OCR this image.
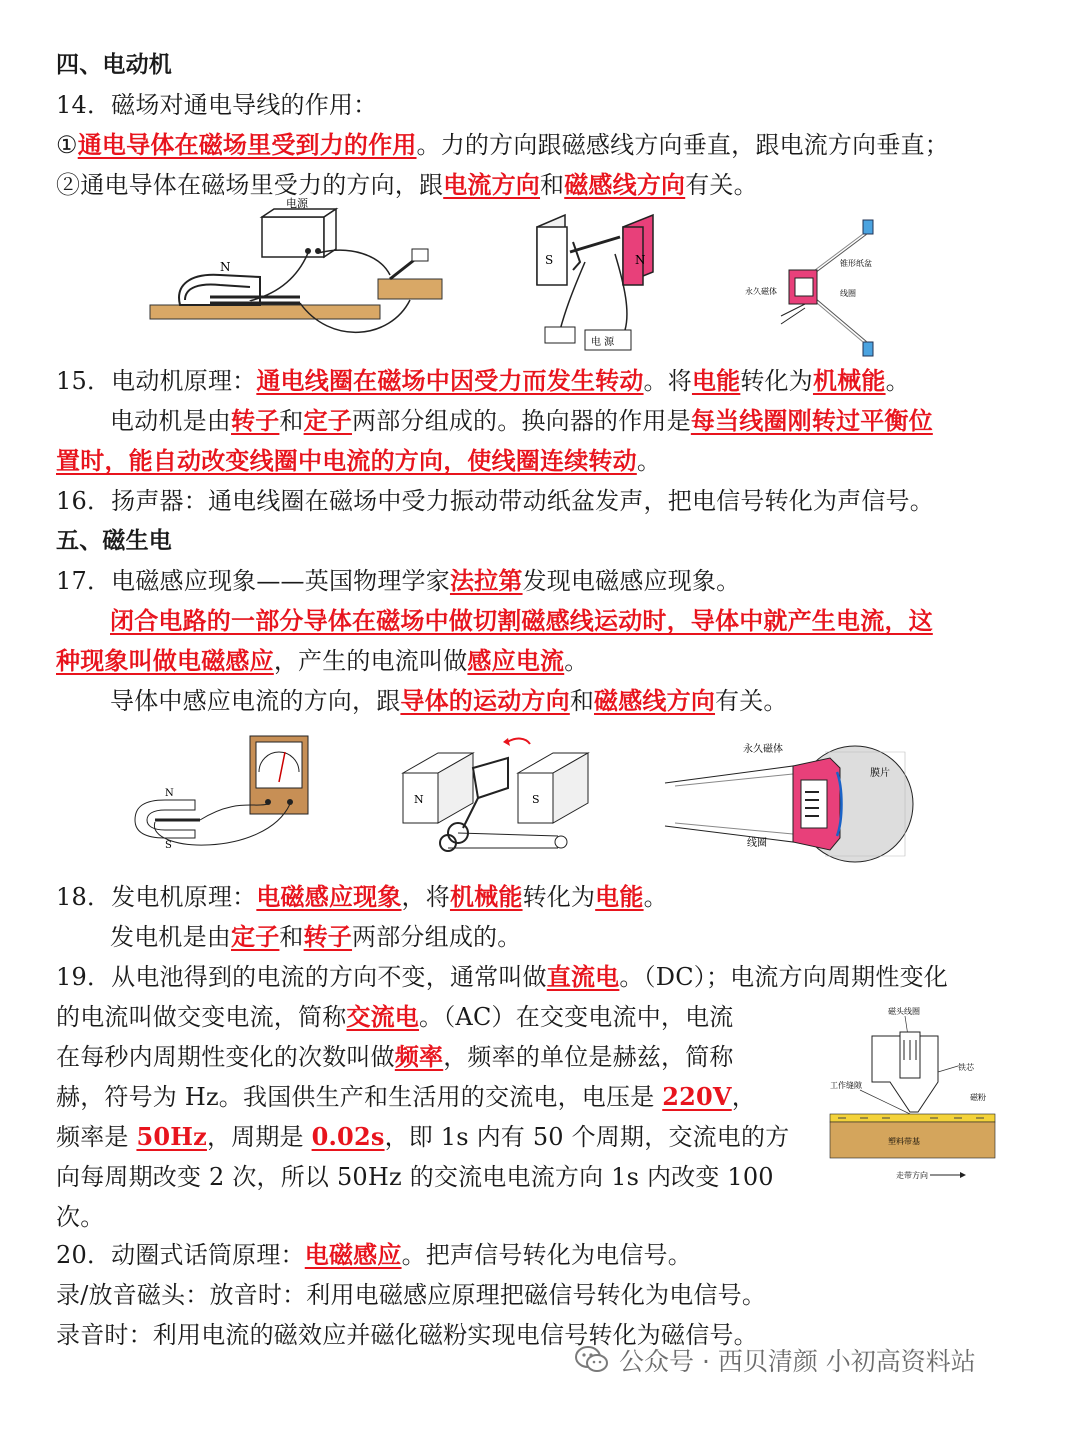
四、电动机
14．磁场对通电导线的作用：
①通电导体在磁场里受到力的作用。力的方向跟磁感线方向垂直，跟电流方向垂直；
②通电导体在磁场里受力的方向，跟电流方向和磁感线方向有关。
N
电源
S	N
电 源
永久磁体
锥形纸盆
线圈
15．电动机原理：通电线圈在磁场中因受力而发生转动。将电能转化为机械能。
电动机是由转子和定子两部分组成的。换向器的作用是每当线圈刚转过平衡位
置时，能自动改变线圈中电流的方向，使线圈连续转动。
16．扬声器：通电线圈在磁场中受力振动带动纸盆发声，把电信号转化为声信号。
五、磁生电
17．电磁感应现象——英国物理学家法拉第发现电磁感应现象。
闭合电路的一部分导体在磁场中做切割磁感线运动时，导体中就产生电流，这
种现象叫做电磁感应，产生的电流叫做感应电流。
导体中感应电流的方向，跟导体的运动方向和磁感线方向有关。
N
S
N	S
永久磁体
膜片
线圈
18．发电机原理：电磁感应现象，将机械能转化为电能。
发电机是由定子和转子两部分组成的。
19．从电池得到的电流的方向不变，通常叫做直流电。（DC）；电流方向周期性变化
的电流叫做交变电流，简称交流电。（AC）在交变电流中，电流
在每秒内周期性变化的次数叫做频率，频率的单位是赫兹，简称
赫，符号为 Hz。我国供生产和生活用的交流电，电压是 220V，
频率是 50Hz，周期是 0.02s，即 1s 内有 50 个周期，交流电的方
向每周期改变 2 次，所以 50Hz 的交流电电流方向 1s 内改变 100
次。
磁头线圈
铁芯
工作缝隙
磁粉
塑料带基
走带方向
20．动圈式话筒原理：电磁感应。把声信号转化为电信号。
录/放音磁头：放音时：利用电磁感应原理把磁信号转化为电信号。
录音时：利用电流的磁效应并磁化磁粉实现电信号转化为磁信号。
公众号 · 西贝清颜 小初高资料站
